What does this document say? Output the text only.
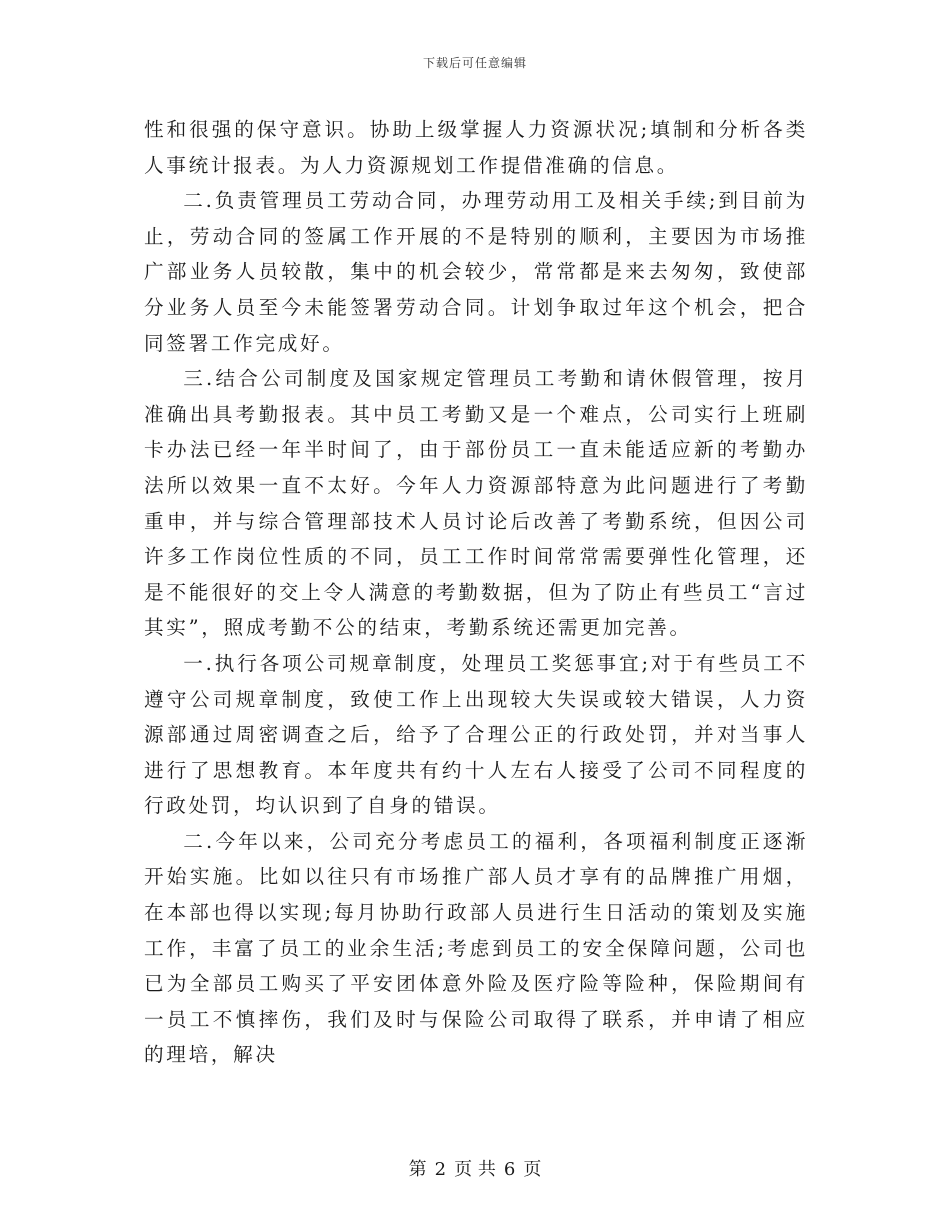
下载后可任意编辑

性和很强的保守意识。协助上级掌握人力资源状况;填制和分析各类人事统计报表。为人力资源规划工作提借准确的信息。

二.负责管理员工劳动合同，办理劳动用工及相关手续;到目前为止，劳动合同的签属工作开展的不是特别的顺利，主要因为市场推广部业务人员较散，集中的机会较少，常常都是来去匆匆，致使部分业务人员至今未能签署劳动合同。计划争取过年这个机会，把合同签署工作完成好。

三.结合公司制度及国家规定管理员工考勤和请休假管理，按月准确出具考勤报表。其中员工考勤又是一个难点，公司实行上班刷卡办法已经一年半时间了，由于部份员工一直未能适应新的考勤办法所以效果一直不太好。今年人力资源部特意为此问题进行了考勤重申，并与综合管理部技术人员讨论后改善了考勤系统，但因公司许多工作岗位性质的不同，员工工作时间常常需要弹性化管理，还是不能很好的交上令人满意的考勤数据，但为了防止有些员工“言过其实”，照成考勤不公的结束，考勤系统还需更加完善。

一.执行各项公司规章制度，处理员工奖惩事宜;对于有些员工不遵守公司规章制度，致使工作上出现较大失误或较大错误，人力资源部通过周密调查之后，给予了合理公正的行政处罚，并对当事人进行了思想教育。本年度共有约十人左右人接受了公司不同程度的行政处罚，均认识到了自身的错误。

二.今年以来，公司充分考虑员工的福利，各项福利制度正逐渐开始实施。比如以往只有市场推广部人员才享有的品牌推广用烟，在本部也得以实现;每月协助行政部人员进行生日活动的策划及实施工作，丰富了员工的业余生活;考虑到员工的安全保障问题，公司也已为全部员工购买了平安团体意外险及医疗险等险种，保险期间有一员工不慎摔伤，我们及时与保险公司取得了联系，并申请了相应的理培，解决

第 2 页 共 6 页
